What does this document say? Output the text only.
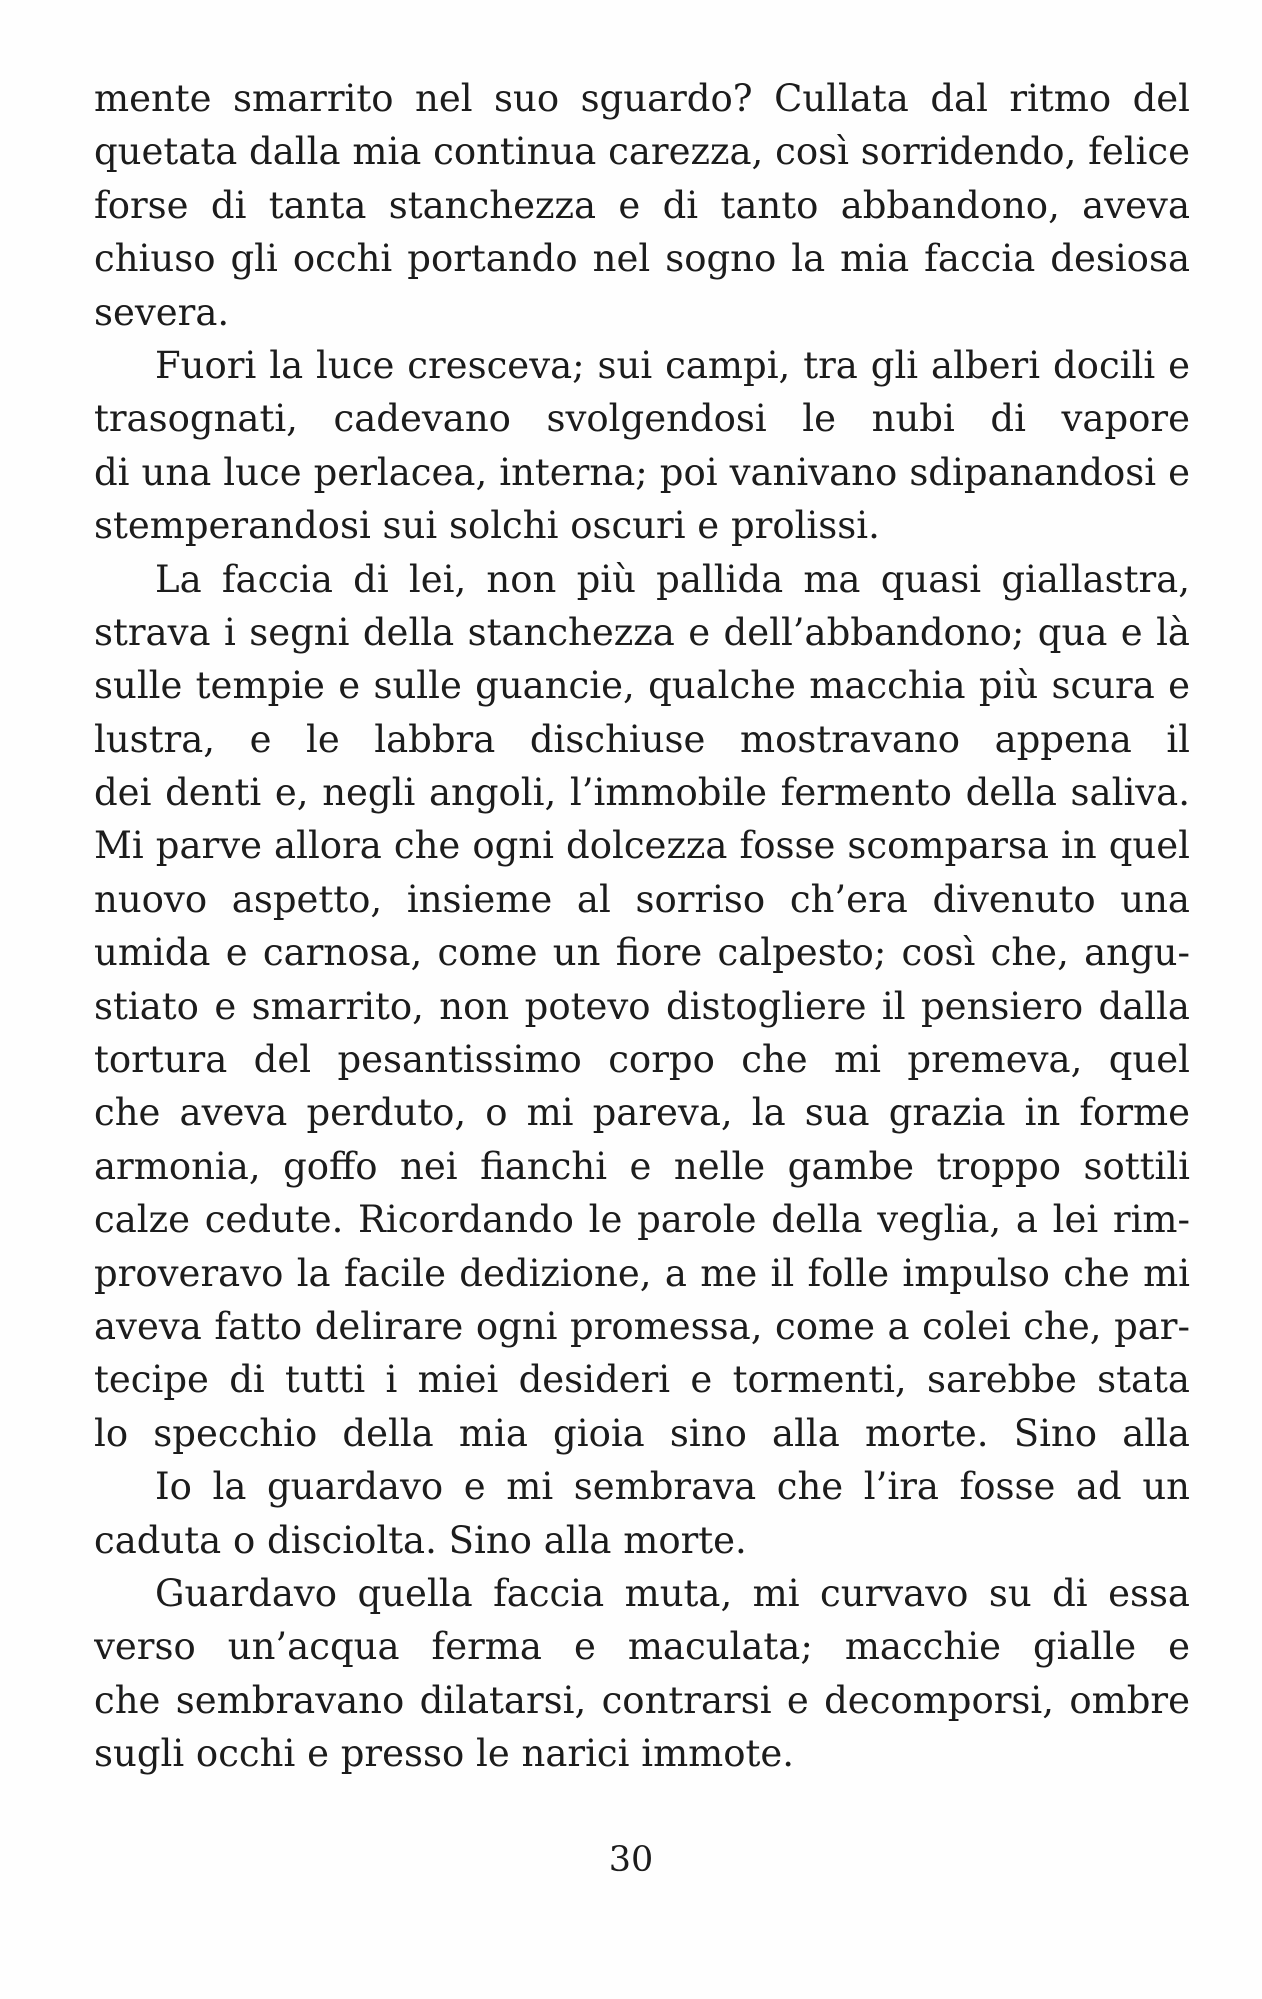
mente smarrito nel suo sguardo? Cullata dal ritmo del
quetata dalla mia continua carezza, così sorridendo, felice
forse di tanta stanchezza e di tanto abbandono, aveva
chiuso gli occhi portando nel sogno la mia faccia desiosa
severa.

Fuori la luce cresceva; sui campi, tra gli alberi docili e
trasognati, cadevano svolgendosi le nubi di vapore
di una luce perlacea, interna; poi vanivano sdipanandosi e
stemperandosi sui solchi oscuri e prolissi.

La faccia di lei, non più pallida ma quasi giallastra,
strava i segni della stanchezza e dell’abbandono; qua e là
sulle tempie e sulle guancie, qualche macchia più scura e
lustra, e le labbra dischiuse mostravano appena il
dei denti e, negli angoli, l’immobile fermento della saliva.
Mi parve allora che ogni dolcezza fosse scomparsa in quel
nuovo aspetto, insieme al sorriso ch’era divenuto una
umida e carnosa, come un fiore calpesto; così che, angu-
stiato e smarrito, non potevo distogliere il pensiero dalla
tortura del pesantissimo corpo che mi premeva, quel
che aveva perduto, o mi pareva, la sua grazia in forme
armonia, goffo nei fianchi e nelle gambe troppo sottili
calze cedute. Ricordando le parole della veglia, a lei rim-
proveravo la facile dedizione, a me il folle impulso che mi
aveva fatto delirare ogni promessa, come a colei che, par-
tecipe di tutti i miei desideri e tormenti, sarebbe stata
lo specchio della mia gioia sino alla morte. Sino alla

Io la guardavo e mi sembrava che l’ira fosse ad un
caduta o disciolta. Sino alla morte.

Guardavo quella faccia muta, mi curvavo su di essa
verso un’acqua ferma e maculata; macchie gialle e
che sembravano dilatarsi, contrarsi e decomporsi, ombre
sugli occhi e presso le narici immote.

30
